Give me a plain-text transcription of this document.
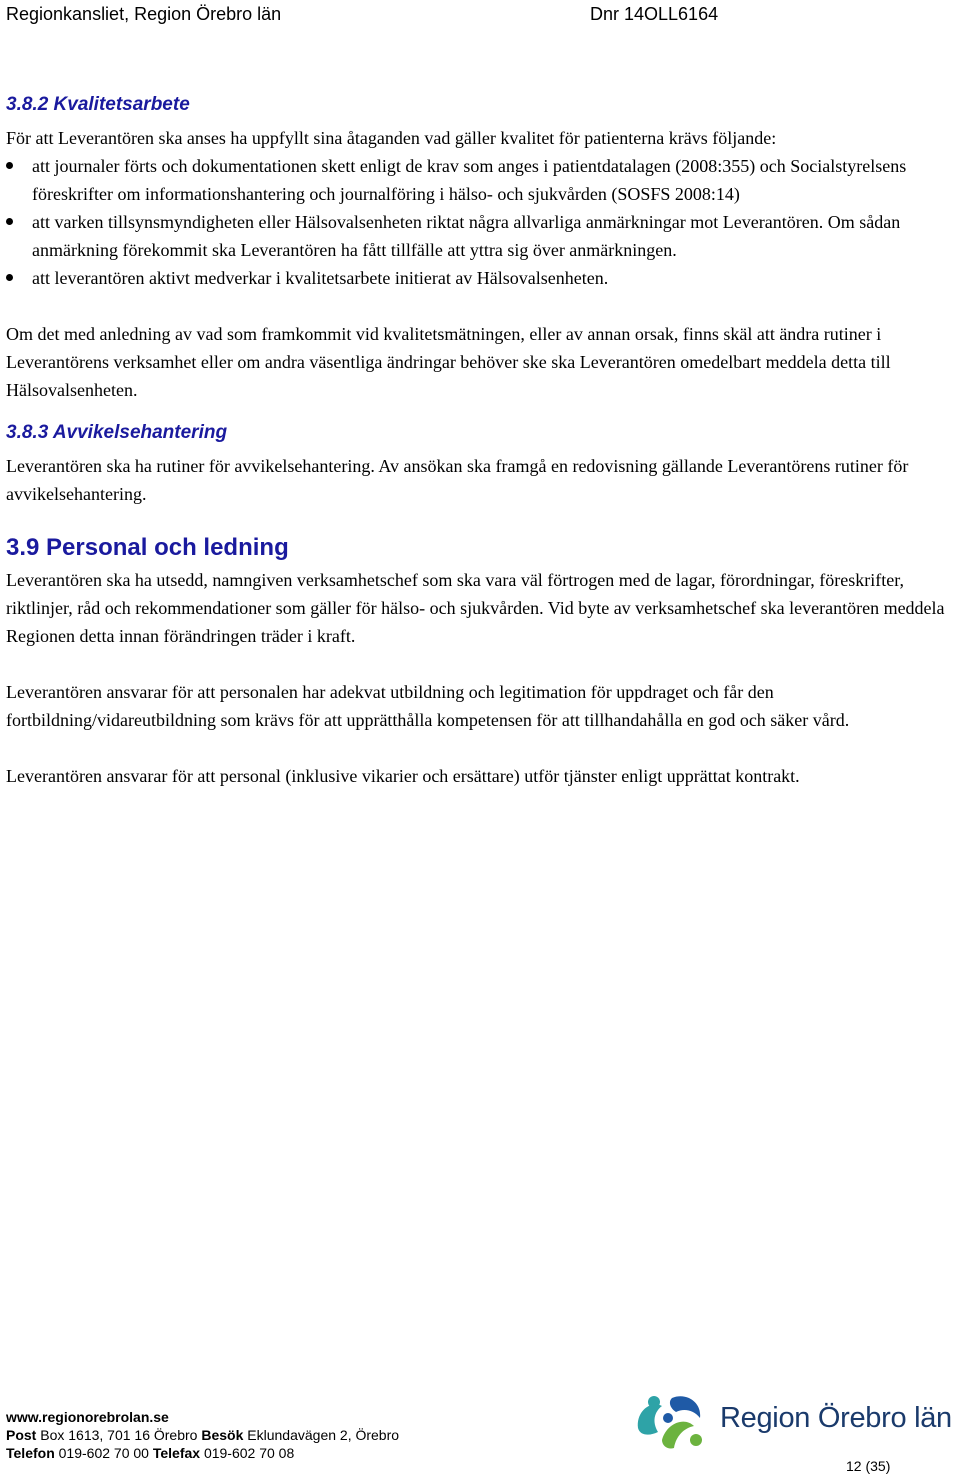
Regionkansliet, Region Örebro län	Dnr 14OLL6164
3.8.2 Kvalitetsarbete

För att Leverantören ska anses ha uppfyllt sina åtaganden vad gäller kvalitet för patienterna krävs följande:

att journaler förts och dokumentationen skett enligt de krav som anges i patientdatalagen (2008:355) och Socialstyrelsens föreskrifter om informationshantering och journalföring i hälso- och sjukvården (SOSFS 2008:14)
att varken tillsynsmyndigheten eller Hälsovalsenheten riktat några allvarliga anmärkningar mot Leverantören. Om sådan anmärkning förekommit ska Leverantören ha fått tillfälle att yttra sig över anmärkningen.
att leverantören aktivt medverkar i kvalitetsarbete initierat av Hälsovalsenheten.

Om det med anledning av vad som framkommit vid kvalitetsmätningen, eller av annan orsak, finns skäl att ändra rutiner i Leverantörens verksamhet eller om andra väsentliga ändringar behöver ske ska Leverantören omedelbart meddela detta till Hälsovalsenheten.

3.8.3 Avvikelsehantering

Leverantören ska ha rutiner för avvikelsehantering. Av ansökan ska framgå en redovisning gällande Leverantörens rutiner för avvikelsehantering.

3.9 Personal och ledning

Leverantören ska ha utsedd, namngiven verksamhetschef som ska vara väl förtrogen med de lagar, förordningar, föreskrifter, riktlinjer, råd och rekommendationer som gäller för hälso- och sjukvården. Vid byte av verksamhetschef ska leverantören meddela Regionen detta innan förändringen träder i kraft.

Leverantören ansvarar för att personalen har adekvat utbildning och legitimation för uppdraget och får den fortbildning/vidareutbildning som krävs för att upprätthålla kompetensen för att tillhandahålla en god och säker vård.

Leverantören ansvarar för att personal (inklusive vikarier och ersättare) utför tjänster enligt upprättat kontrakt.

www.regionorebrolan.se
Post Box 1613, 701 16 Örebro Besök Eklundavägen 2, Örebro
Telefon 019-602 70 00 Telefax 019-602 70 08
Region Örebro län
12 (35)
